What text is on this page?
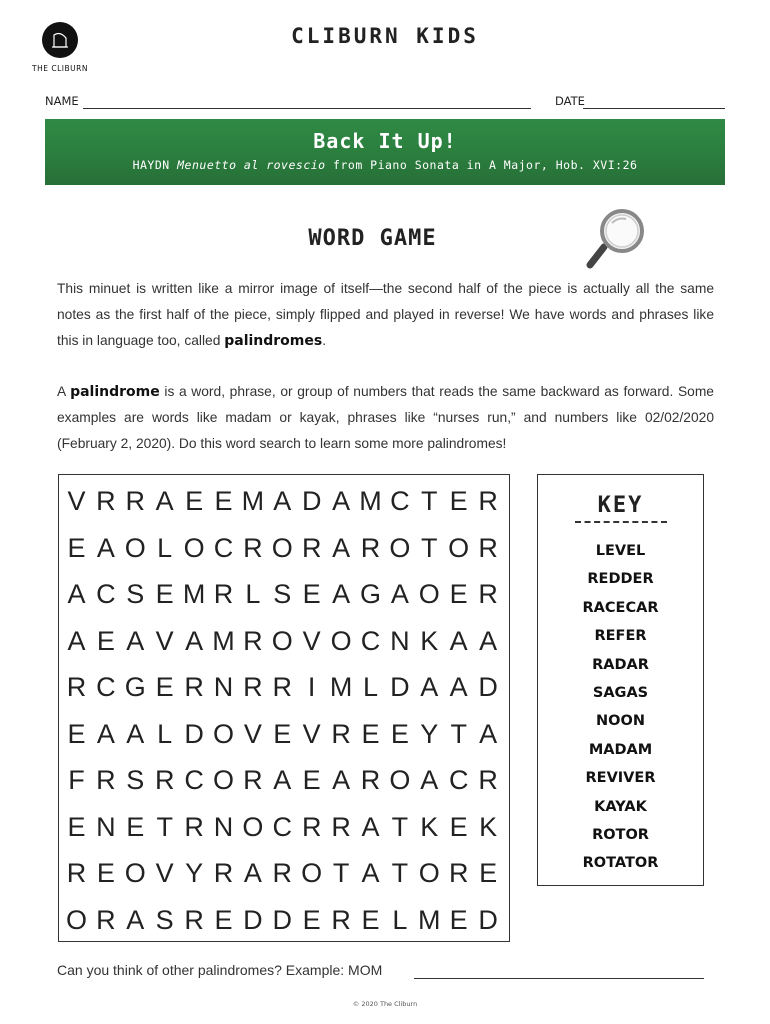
THE CLIBURN
CLIBURN KIDS
NAME	DATE
Back It Up!
HAYDN Menuetto al rovescio from Piano Sonata in A Major, Hob. XVI:26
WORD GAME
This minuet is written like a mirror image of itself—the second half of the piece is actually all the same notes as the first half of the piece, simply flipped and played in reverse! We have words and phrases like this in language too, called palindromes.
A palindrome is a word, phrase, or group of numbers that reads the same backward as forward. Some examples are words like madam or kayak, phrases like “nurses run,” and numbers like 02/02/2020 (February 2, 2020). Do this word search to learn some more palindromes!
V R R A E E M A D A M C T E R
E A O L O C R O R A R O T O R
A C S E M R L S E A G A O E R
A E A V A M R O V O C N K A A
R C G E R N R R I M L D A A D
E A A L D O V E V R E E Y T A
F R S R C O R A E A R O A C R
E N E T R N O C R R A T K E K
R E O V Y R A R O T A T O R E
O R A S R E D D E R E L M E D
KEY
LEVEL
REDDER
RACECAR
REFER
RADAR
SAGAS
NOON
MADAM
REVIVER
KAYAK
ROTOR
ROTATOR
Can you think of other palindromes? Example: MOM
© 2020 The Cliburn
